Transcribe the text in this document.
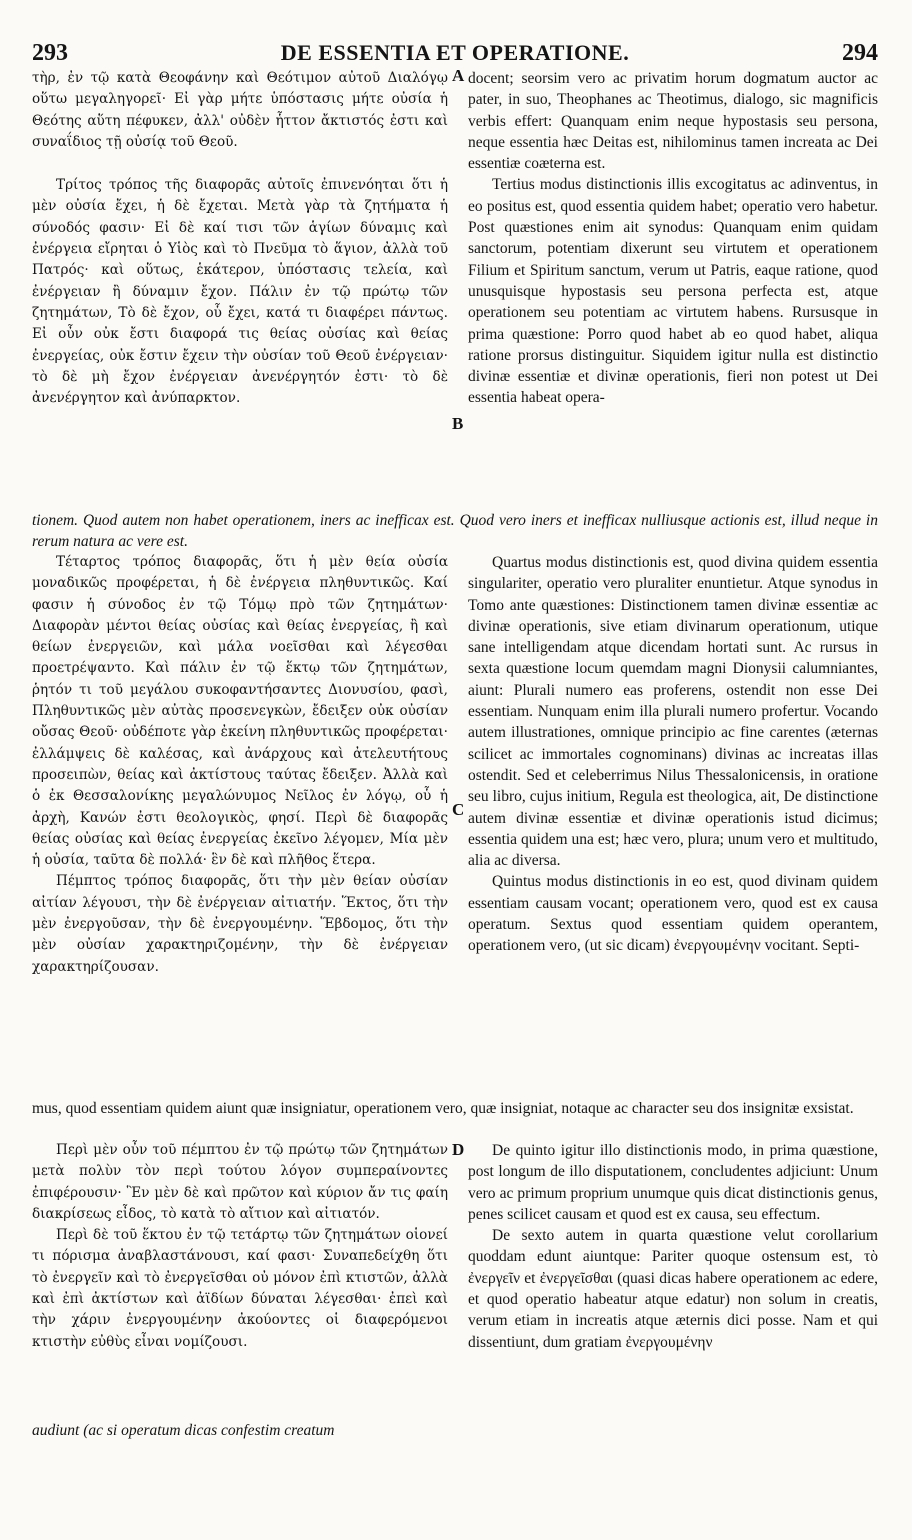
293	DE ESSENTIA ET OPERATIONE.	294

τὴρ, ἐν τῷ κατὰ Θεοφάνην καὶ Θεότιμον αὐτοῦ Διαλόγῳ οὕτω μεγαληγορεῖ· Εἰ γὰρ μήτε ὑπόστασις μήτε οὐσία ἡ Θεότης αὕτη πέφυκεν, ἀλλ' οὐδὲν ἧττον ἄκτιστός ἐστι καὶ συναΐδιος τῇ οὐσίᾳ τοῦ Θεοῦ.

Τρίτος τρόπος τῆς διαφορᾶς αὐτοῖς ἐπινενόηται ὅτι ἡ μὲν οὐσία ἔχει, ἡ δὲ ἔχεται. Μετὰ γὰρ τὰ ζητήματα ἡ σύνοδός φασιν· Εἰ δὲ καί τισι τῶν ἁγίων δύναμις καὶ ἐνέργεια εἴρηται ὁ Υἱὸς καὶ τὸ Πνεῦμα τὸ ἅγιον, ἀλλὰ τοῦ Πατρός· καὶ οὕτως, ἑκάτερον, ὑπόστασις τελεία, καὶ ἐνέργειαν ἢ δύναμιν ἔχον. Πάλιν ἐν τῷ πρώτῳ τῶν ζητημάτων, Τὸ δὲ ἔχον, οὗ ἔχει, κατά τι διαφέρει πάντως. Εἰ οὖν οὐκ ἔστι διαφορά τις θείας οὐσίας καὶ θείας ἐνεργείας, οὐκ ἔστιν ἔχειν τὴν οὐσίαν τοῦ Θεοῦ ἐνέργειαν· τὸ δὲ μὴ ἔχον ἐνέργειαν ἀνενέργητόν ἐστι· τὸ δὲ ἀνενέργητον καὶ ἀνύπαρκτον.

docent; seorsim vero ac privatim horum dogmatum auctor ac pater, in suo, Theophanes ac Theotimus, dialogo, sic magnificis verbis effert: Quanquam enim neque hypostasis seu persona, neque essentia hæc Deitas est, nihilominus tamen increata ac Dei essentiæ coæterna est.

Tertius modus distinctionis illis excogitatus ac adinventus, in eo positus est, quod essentia quidem habet; operatio vero habetur. Post quæstiones enim ait synodus: Quanquam enim quidam sanctorum, potentiam dixerunt seu virtutem et operationem Filium et Spiritum sanctum, verum ut Patris, eaque ratione, quod unusquisque hypostasis seu persona perfecta est, atque operationem seu potentiam ac virtutem habens. Rursusque in prima quæstione: Porro quod habet ab eo quod habet, aliqua ratione prorsus distinguitur. Siquidem igitur nulla est distinctio divinæ essentiæ et divinæ operationis, fieri non potest ut Dei essentia habeat opera-

A
B

tionem. Quod autem non habet operationem, iners ac inefficax est. Quod vero iners et inefficax nulliusque actionis est, illud neque in rerum natura ac vere est.

Τέταρτος τρόπος διαφορᾶς, ὅτι ἡ μὲν θεία οὐσία μοναδικῶς προφέρεται, ἡ δὲ ἐνέργεια πληθυντικῶς. Καί φασιν ἡ σύνοδος ἐν τῷ Τόμῳ πρὸ τῶν ζητημάτων· Διαφορὰν μέντοι θείας οὐσίας καὶ θείας ἐνεργείας, ἢ καὶ θείων ἐνεργειῶν, καὶ μάλα νοεῖσθαι καὶ λέγεσθαι προετρέψαντο. Καὶ πάλιν ἐν τῷ ἕκτῳ τῶν ζητημάτων, ῥητόν τι τοῦ μεγάλου συκοφαντήσαντες Διονυσίου, φασὶ, Πληθυντικῶς μὲν αὐτὰς προσενεγκὼν, ἔδειξεν οὐκ οὐσίαν οὔσας Θεοῦ· οὐδέποτε γὰρ ἐκείνη πληθυντικῶς προφέρεται· ἐλλάμψεις δὲ καλέσας, καὶ ἀνάρχους καὶ ἀτελευτήτους προσειπὼν, θείας καὶ ἀκτίστους ταύτας ἔδειξεν. Ἀλλὰ καὶ ὁ ἐκ Θεσσαλονίκης μεγαλώνυμος Νεῖλος ἐν λόγῳ, οὗ ἡ ἀρχὴ, Κανών ἐστι θεολογικὸς, φησί. Περὶ δὲ διαφορᾶς θείας οὐσίας καὶ θείας ἐνεργείας ἐκεῖνο λέγομεν, Μία μὲν ἡ οὐσία, ταῦτα δὲ πολλά· ἓν δὲ καὶ πλῆθος ἕτερα.

Πέμπτος τρόπος διαφορᾶς, ὅτι τὴν μὲν θείαν οὐσίαν αἰτίαν λέγουσι, τὴν δὲ ἐνέργειαν αἰτιατήν. Ἕκτος, ὅτι τὴν μὲν ἐνεργοῦσαν, τὴν δὲ ἐνεργουμένην. Ἕβδομος, ὅτι τὴν μὲν οὐσίαν χαρακτηριζομένην, τὴν δὲ ἐνέργειαν χαρακτηρίζουσαν.

Quartus modus distinctionis est, quod divina quidem essentia singulariter, operatio vero pluraliter enuntietur. Atque synodus in Tomo ante quæstiones: Distinctionem tamen divinæ essentiæ ac divinæ operationis, sive etiam divinarum operationum, utique sane intelligendam atque dicendam hortati sunt. Ac rursus in sexta quæstione locum quemdam magni Dionysii calumniantes, aiunt: Plurali numero eas proferens, ostendit non esse Dei essentiam. Nunquam enim illa plurali numero profertur. Vocando autem illustrationes, omnique principio ac fine carentes (æternas scilicet ac immortales cognominans) divinas ac increatas illas ostendit. Sed et celeberrimus Nilus Thessalonicensis, in oratione seu libro, cujus initium, Regula est theologica, ait, De distinctione autem divinæ essentiæ et divinæ operationis istud dicimus; essentia quidem una est; hæc vero, plura; unum vero et multitudo, alia ac diversa.

Quintus modus distinctionis in eo est, quod divinam quidem essentiam causam vocant; operationem vero, quod est ex causa operatum. Sextus quod essentiam quidem operantem, operationem vero, (ut sic dicam) ἐνεργουμένην vocitant. Septi-

C

mus, quod essentiam quidem aiunt quæ insigniatur, operationem vero, quæ insigniat, notaque ac character seu dos insignitæ exsistat.

Περὶ μὲν οὖν τοῦ πέμπτου ἐν τῷ πρώτῳ τῶν ζητημάτων μετὰ πολὺν τὸν περὶ τούτου λόγον συμπεραίνοντες ἐπιφέρουσιν· Ἓν μὲν δὲ καὶ πρῶτον καὶ κύριον ἄν τις φαίη διακρίσεως εἶδος, τὸ κατὰ τὸ αἴτιον καὶ αἰτιατόν.

Περὶ δὲ τοῦ ἕκτου ἐν τῷ τετάρτῳ τῶν ζητημάτων οἱονεί τι πόρισμα ἀναβλαστάνουσι, καί φασι· Συναπεδείχθη ὅτι τὸ ἐνεργεῖν καὶ τὸ ἐνεργεῖσθαι οὐ μόνον ἐπὶ κτιστῶν, ἀλλὰ καὶ ἐπὶ ἀκτίστων καὶ ἀϊδίων δύναται λέγεσθαι· ἐπεὶ καὶ τὴν χάριν ἐνεργουμένην ἀκούοντες οἱ διαφερόμενοι κτιστὴν εὐθὺς εἶναι νομίζουσι.

De quinto igitur illo distinctionis modo, in prima quæstione, post longum de illo disputationem, concludentes adjiciunt: Unum vero ac primum proprium unumque quis dicat distinctionis genus, penes scilicet causam et quod est ex causa, seu effectum.

De sexto autem in quarta quæstione velut corollarium quoddam edunt aiuntque: Pariter quoque ostensum est, τὸ ἐνεργεῖν et ἐνεργεῖσθαι (quasi dicas habere operationem ac edere, et quod operatio habeatur atque edatur) non solum in creatis, verum etiam in increatis atque æternis dici posse. Nam et qui dissentiunt, dum gratiam ἐνεργουμένην

D

audiunt (ac si operatum dicas confestim creatum
